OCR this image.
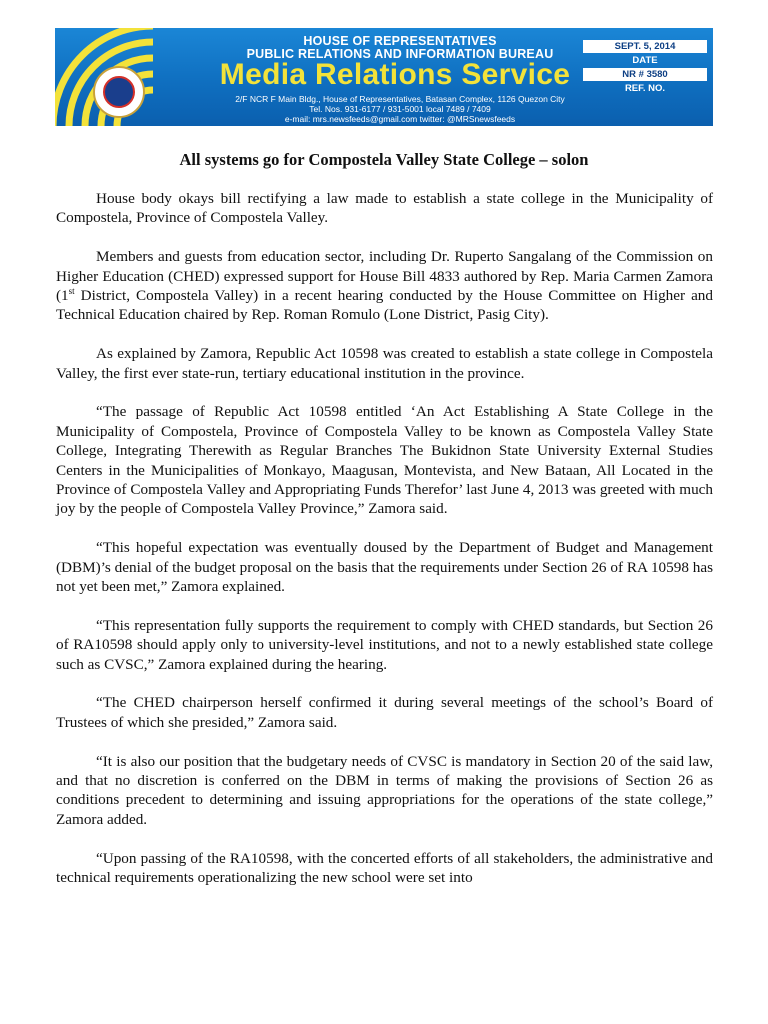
HOUSE OF REPRESENTATIVES
PUBLIC RELATIONS AND INFORMATION BUREAU
Media Relations Service
2/F NCR F Main Bldg., House of Representatives, Batasan Complex, 1126 Quezon City
Tel. Nos. 931-6177 / 931-5001 local 7489 / 7409
e-mail: mrs.newsfeeds@gmail.com twitter: @MRSnewsfeeds
SEPT. 5, 2014
DATE
NR # 3580
REF. NO.
All systems go for Compostela Valley State College – solon

House body okays bill rectifying a law made to establish a state college in the Municipality of Compostela, Province of Compostela Valley.

Members and guests from education sector, including Dr. Ruperto Sangalang of the Commission on Higher Education (CHED) expressed support for House Bill 4833 authored by Rep. Maria Carmen Zamora (1st District, Compostela Valley) in a recent hearing conducted by the House Committee on Higher and Technical Education chaired by Rep. Roman Romulo (Lone District, Pasig City).

As explained by Zamora, Republic Act 10598 was created to establish a state college in Compostela Valley, the first ever state-run, tertiary educational institution in the province.

“The passage of Republic Act 10598 entitled ‘An Act Establishing A State College in the Municipality of Compostela, Province of Compostela Valley to be known as Compostela Valley State College, Integrating Therewith as Regular Branches The Bukidnon State University External Studies Centers in the Municipalities of Monkayo, Maagusan, Montevista, and New Bataan, All Located in the Province of Compostela Valley and Appropriating Funds Therefor’ last June 4, 2013 was greeted with much joy by the people of Compostela Valley Province,” Zamora said.

“This hopeful expectation was eventually doused by the Department of Budget and Management (DBM)’s denial of the budget proposal on the basis that the requirements under Section 26 of RA 10598 has not yet been met,” Zamora explained.

“This representation fully supports the requirement to comply with CHED standards, but Section 26 of RA10598 should apply only to university-level institutions, and not to a newly established state college such as CVSC,” Zamora explained during the hearing.

“The CHED chairperson herself confirmed it during several meetings of the school’s Board of Trustees of which she presided,” Zamora said.

“It is also our position that the budgetary needs of CVSC is mandatory in Section 20 of the said law, and that no discretion is conferred on the DBM in terms of making the provisions of Section 26 as conditions precedent to determining and issuing appropriations for the operations of the state college,” Zamora added.

“Upon passing of the RA10598, with the concerted efforts of all stakeholders, the administrative and technical requirements operationalizing the new school were set into
